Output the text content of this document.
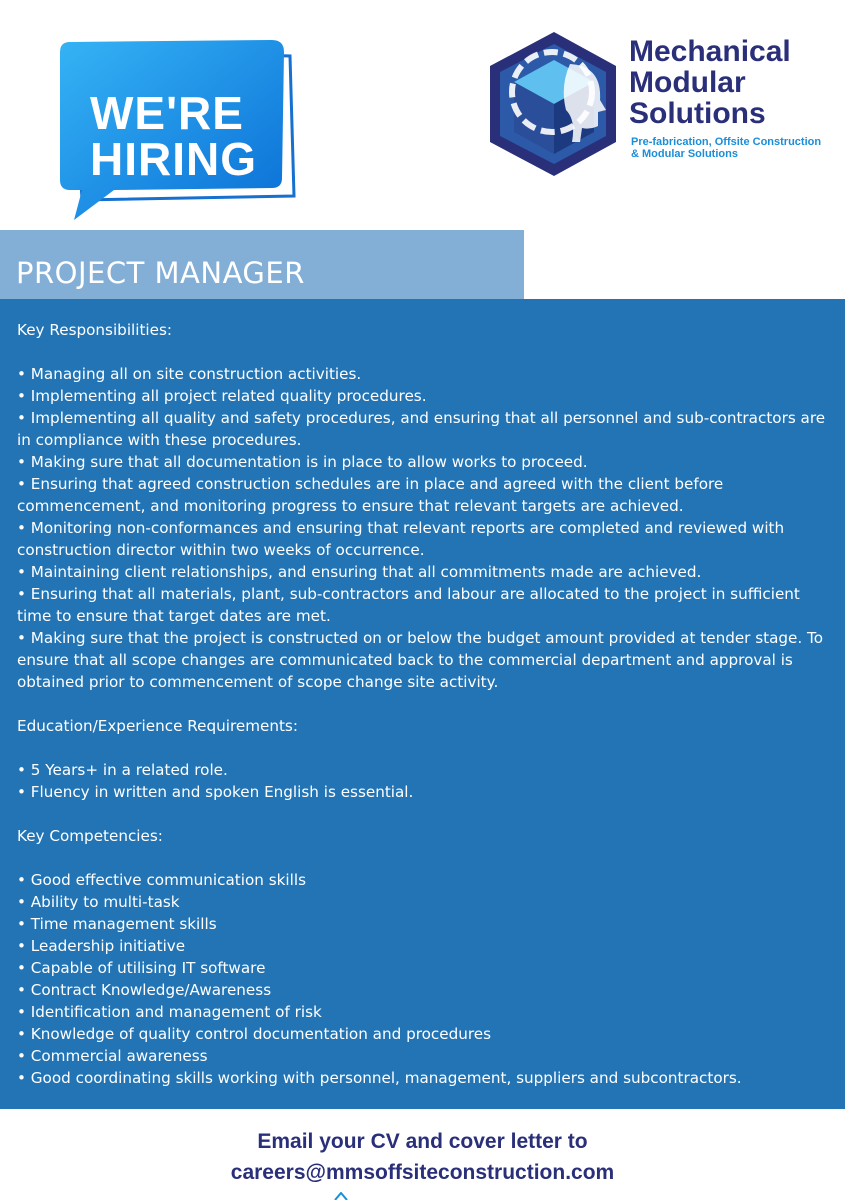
WE'RE
HIRING
Mechanical
Modular
Solutions
Pre-fabrication, Offsite Construction
& Modular Solutions
PROJECT MANAGER

Key Responsibilities:

• Managing all on site construction activities.

• Implementing all project related quality procedures.

• Implementing all quality and safety procedures, and ensuring that all personnel and sub-contractors are in compliance with these procedures.

• Making sure that all documentation is in place to allow works to proceed.

• Ensuring that agreed construction schedules are in place and agreed with the client before commencement, and monitoring progress to ensure that relevant targets are achieved.

• Monitoring non-conformances and ensuring that relevant reports are completed and reviewed with construction director within two weeks of occurrence.

• Maintaining client relationships, and ensuring that all commitments made are achieved.

• Ensuring that all materials, plant, sub-contractors and labour are allocated to the project in sufficient time to ensure that target dates are met.

• Making sure that the project is constructed on or below the budget amount provided at tender stage. To ensure that all scope changes are communicated back to the commercial department and approval is obtained prior to commencement of scope change site activity.

Education/Experience Requirements:

• 5 Years+ in a related role.

• Fluency in written and spoken English is essential.

Key Competencies:

• Good effective communication skills

• Ability to multi-task

• Time management skills

• Leadership initiative

• Capable of utilising IT software

• Contract Knowledge/Awareness

• Identification and management of risk

• Knowledge of quality control documentation and procedures

• Commercial awareness

• Good coordinating skills working with personnel, management, suppliers and subcontractors.

Email your CV and cover letter to
careers@mmsoffsiteconstruction.com
